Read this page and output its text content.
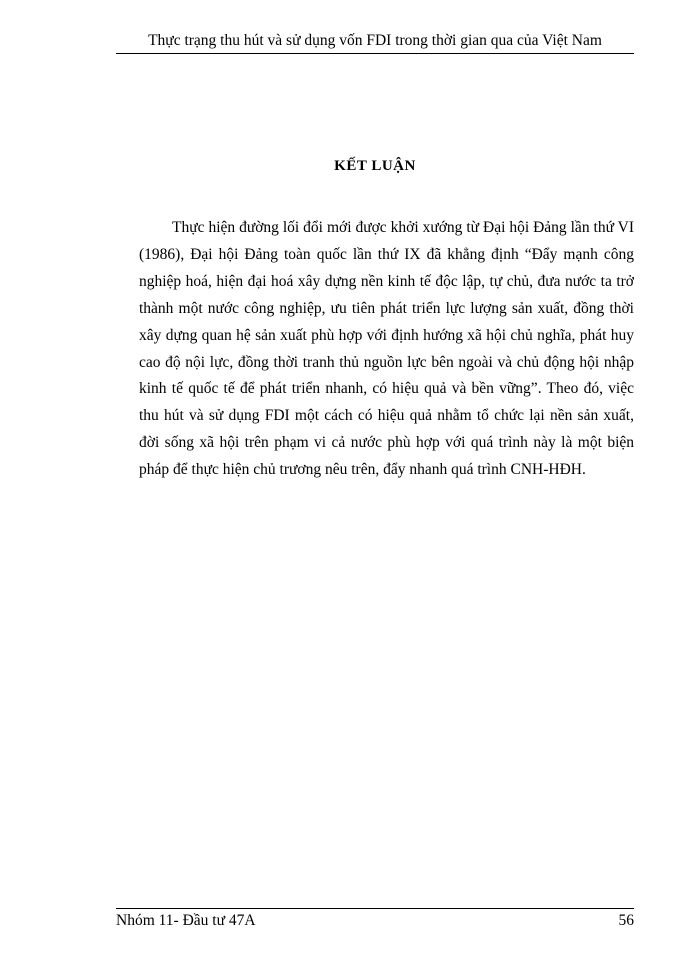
Thực trạng thu hút và sử dụng vốn FDI trong thời gian qua của Việt Nam
KẾT LUẬN

Thực hiện đường lối đổi mới được khởi xướng từ Đại hội Đảng lần thứ VI (1986), Đại hội Đảng toàn quốc lần thứ IX đã khẳng định “Đẩy mạnh công nghiệp hoá, hiện đại hoá xây dựng nền kinh tế độc lập, tự chủ, đưa nước ta trở thành một nước công nghiệp, ưu tiên phát triển lực lượng sản xuất, đồng thời xây dựng quan hệ sản xuất phù hợp với định hướng xã hội chủ nghĩa, phát huy cao độ nội lực, đồng thời tranh thủ nguồn lực bên ngoài và chủ động hội nhập kinh tế quốc tế để phát triển nhanh, có hiệu quả và bền vững”. Theo đó, việc thu hút và sử dụng FDI một cách có hiệu quả nhằm tổ chức lại nền sản xuất, đời sống xã hội trên phạm vi cả nước phù hợp với quá trình này là một biện pháp để thực hiện chủ trương nêu trên, đẩy nhanh quá trình CNH-HĐH.

Nhóm 11- Đầu tư 47A	56
